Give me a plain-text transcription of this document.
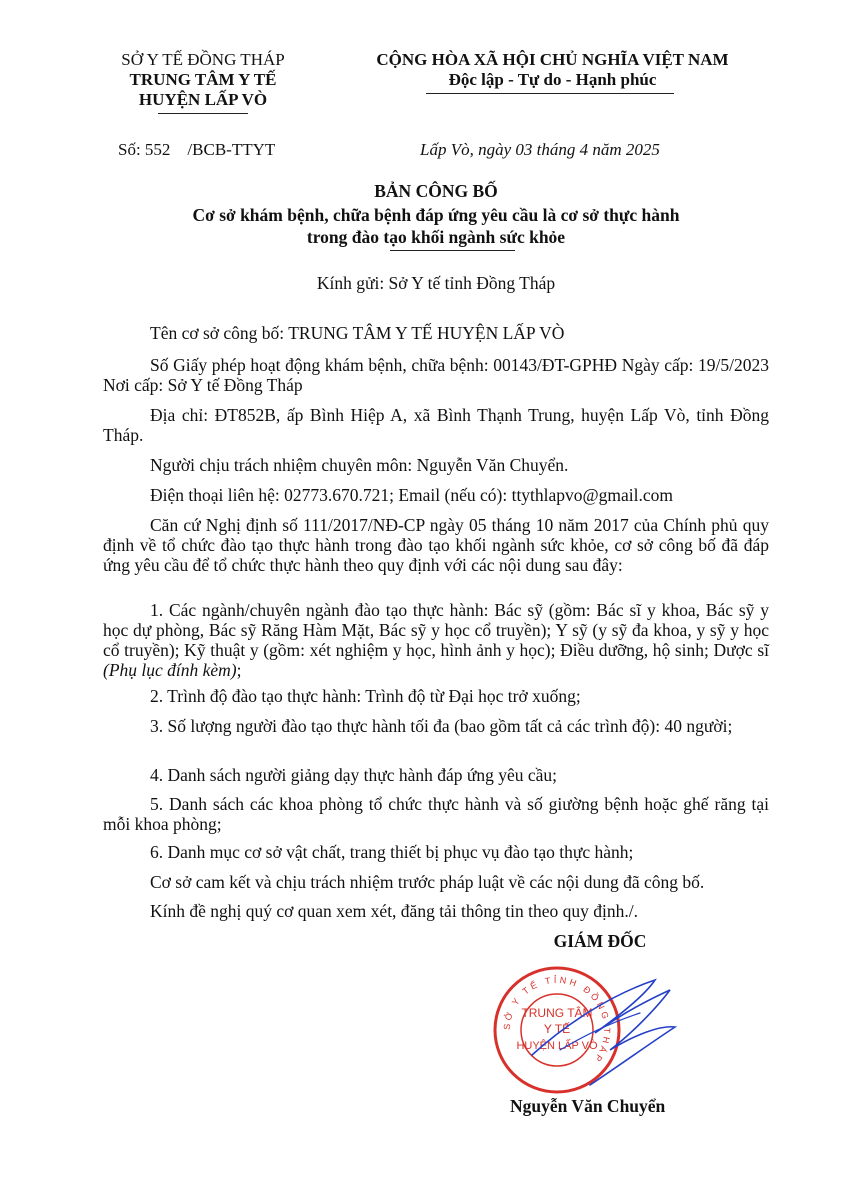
SỞ Y TẾ ĐỒNG THÁP
TRUNG TÂM Y TẾ
HUYỆN LẤP VÒ
CỘNG HÒA XÃ HỘI CHỦ NGHĨA VIỆT NAM
Độc lập - Tự do - Hạnh phúc
Số: 552    /BCB-TTYT	Lấp Vò, ngày 03 tháng 4 năm 2025
BẢN CÔNG BỐ
Cơ sở khám bệnh, chữa bệnh đáp ứng yêu cầu là cơ sở thực hành
trong đào tạo khối ngành sức khỏe
Kính gửi: Sở Y tế tỉnh Đồng Tháp
Tên cơ sở công bố: TRUNG TÂM Y TẾ HUYỆN LẤP VÒ
Số Giấy phép hoạt động khám bệnh, chữa bệnh: 00143/ĐT-GPHĐ Ngày cấp: 19/5/2023 Nơi cấp: Sở Y tế Đồng Tháp
Địa chỉ: ĐT852B, ấp Bình Hiệp A, xã Bình Thạnh Trung, huyện Lấp Vò, tỉnh Đồng Tháp.
Người chịu trách nhiệm chuyên môn: Nguyễn Văn Chuyển.
Điện thoại liên hệ: 02773.670.721; Email (nếu có): ttythlapvo@gmail.com
Căn cứ Nghị định số 111/2017/NĐ-CP ngày 05 tháng 10 năm 2017 của Chính phủ quy định về tổ chức đào tạo thực hành trong đào tạo khối ngành sức khỏe, cơ sở công bố đã đáp ứng yêu cầu để tổ chức thực hành theo quy định với các nội dung sau đây:
1. Các ngành/chuyên ngành đào tạo thực hành: Bác sỹ (gồm: Bác sĩ y khoa, Bác sỹ y học dự phòng, Bác sỹ Răng Hàm Mặt, Bác sỹ y học cổ truyền); Y sỹ (y sỹ đa khoa, y sỹ y học cổ truyền); Kỹ thuật y (gồm: xét nghiệm y học, hình ảnh y học); Điều dưỡng, hộ sinh; Dược sĩ (Phụ lục đính kèm);
2. Trình độ đào tạo thực hành: Trình độ từ Đại học trở xuống;
3. Số lượng người đào tạo thực hành tối đa (bao gồm tất cả các trình độ): 40 người;
4. Danh sách người giảng dạy thực hành đáp ứng yêu cầu;
5. Danh sách các khoa phòng tổ chức thực hành và số giường bệnh hoặc ghế răng tại mỗi khoa phòng;
6. Danh mục cơ sở vật chất, trang thiết bị phục vụ đào tạo thực hành;
Cơ sở cam kết và chịu trách nhiệm trước pháp luật về các nội dung đã công bố.
Kính đề nghị quý cơ quan xem xét, đăng tải thông tin theo quy định./.
GIÁM ĐỐC
SỞ Y TẾ TỈNH ĐỒNG THÁP
TRUNG TÂM
Y TẾ
HUYỆN LẤP VÒ
Nguyễn Văn Chuyển
